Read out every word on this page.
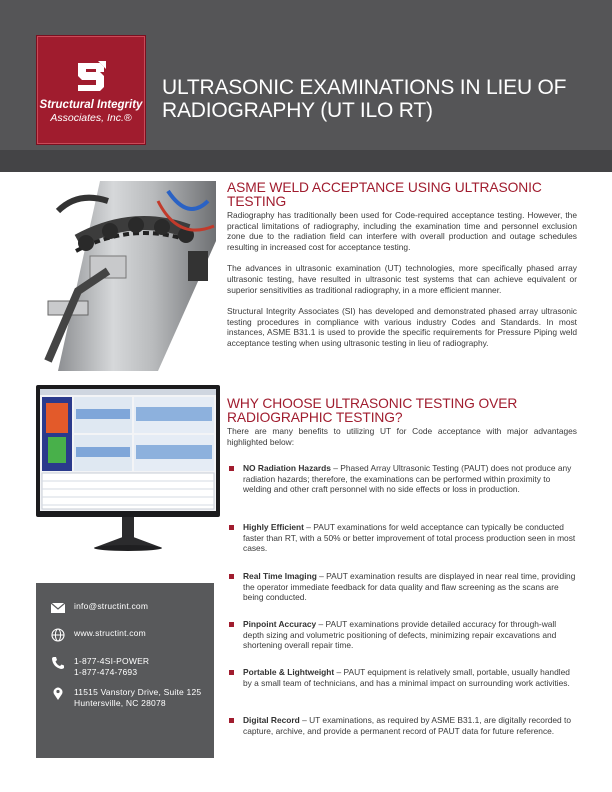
Structural Integrity
Associates, Inc.®
ULTRASONIC EXAMINATIONS IN LIEU OF RADIOGRAPHY (UT ILO RT)
info@structint.com
www.structint.com
1-877-4SI-POWER
1-877-474-7693
11515 Vanstory Drive, Suite 125
Huntersville, NC 28078
ASME WELD ACCEPTANCE USING ULTRASONIC TESTING

Radiography has traditionally been used for Code-required acceptance testing. However, the practical limitations of radiography, including the examination time and personnel exclusion zone due to the radiation field can interfere with overall production and outage schedules resulting in increased cost for acceptance testing.

The advances in ultrasonic examination (UT) technologies, more specifically phased array ultrasonic testing, have resulted in ultrasonic test systems that can achieve equivalent or superior sensitivities as traditional radiography, in a more efficient manner.

Structural Integrity Associates (SI) has developed and demonstrated phased array ultrasonic testing procedures in compliance with various industry Codes and Standards. In most instances, ASME B31.1 is used to provide the specific requirements for Pressure Piping weld acceptance testing when using ultrasonic testing in lieu of radiography.

WHY CHOOSE ULTRASONIC TESTING OVER RADIOGRAPHIC TESTING?

There are many benefits to utilizing UT for Code acceptance with major advantages highlighted below:

NO Radiation Hazards – Phased Array Ultrasonic Testing (PAUT) does not produce any radiation hazards; therefore, the examinations can be performed within proximity to welding and other craft personnel with no side effects or loss in production.
Highly Efficient – PAUT examinations for weld acceptance can typically be conducted faster than RT, with a 50% or better improvement of total process production seen in most cases.
Real Time Imaging – PAUT examination results are displayed in near real time, providing the operator immediate feedback for data quality and flaw screening as the scans are being conducted.
Pinpoint Accuracy – PAUT examinations provide detailed accuracy for through-wall depth sizing and volumetric positioning of defects, minimizing repair excavations and shortening overall repair time.
Portable & Lightweight – PAUT equipment is relatively small, portable, usually handled by a small team of technicians, and has a minimal impact on surrounding work activities.
Digital Record – UT examinations, as required by ASME B31.1, are digitally recorded to capture, archive, and provide a permanent record of PAUT data for future reference.
